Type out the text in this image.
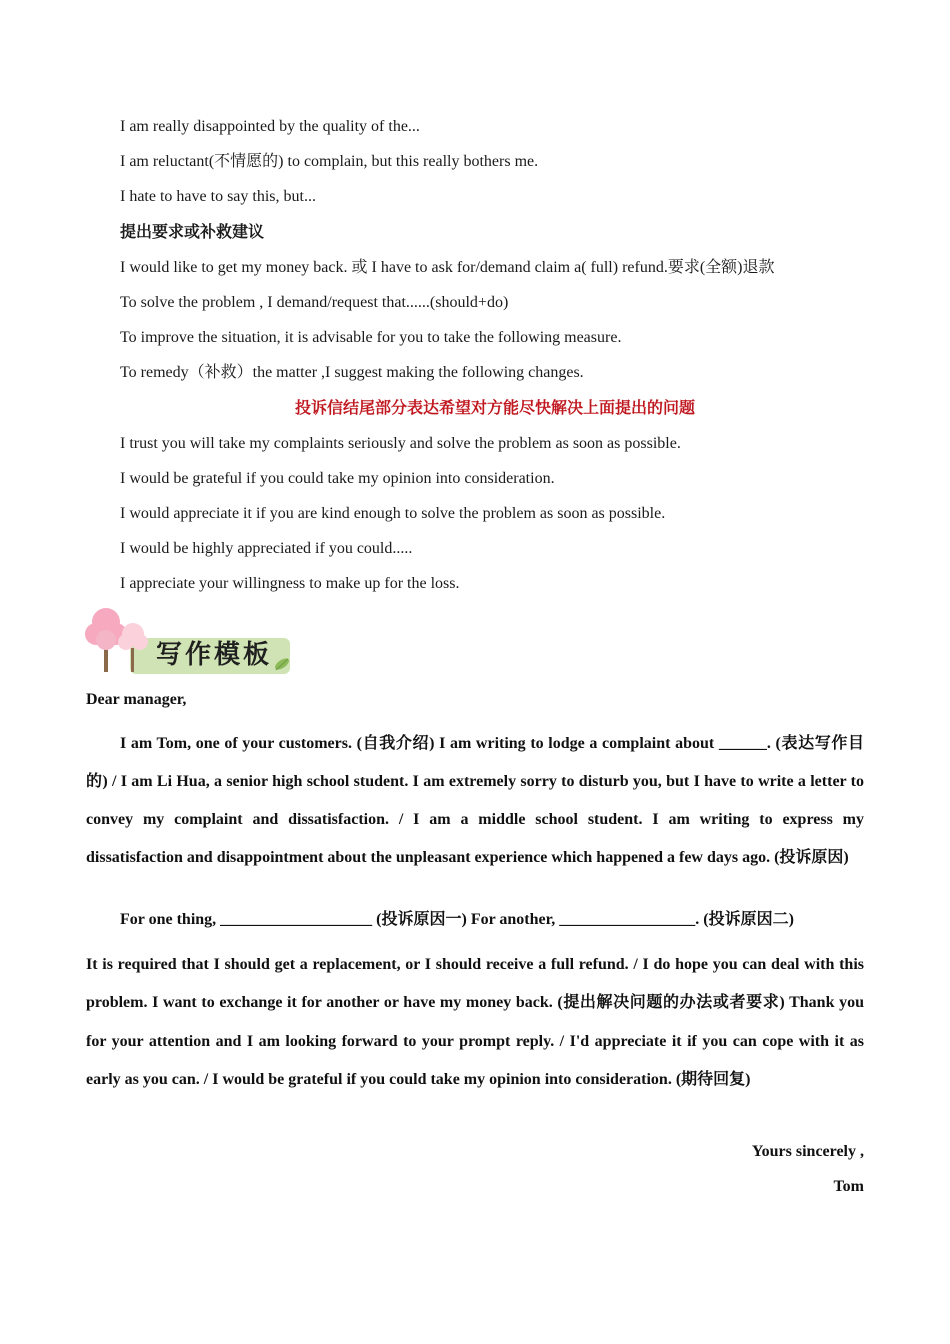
I am really disappointed by the quality of the...
I am reluctant(不情愿的) to complain, but this really bothers me.
I hate to have to say this, but...
提出要求或补救建议
I would like to get my money back. 或 I have to ask for/demand claim a( full) refund.要求(全额)退款
To solve the problem , I demand/request that......(should+do)
To improve the situation, it is advisable for you to take the following measure.
To remedy（补救）the matter ,I suggest making the following changes.
投诉信结尾部分表达希望对方能尽快解决上面提出的问题
I trust you will take my complaints seriously and solve the problem as soon as possible.
I would be grateful if you could take my opinion into consideration.
I would appreciate it if you are kind enough to solve the problem as soon as possible.
I would be highly appreciated if you could.....
I appreciate your willingness to make up for the loss.
写作模板
Dear manager,

I am Tom, one of your customers. (自我介绍) I am writing to lodge a complaint about ______. (表达写作目的) / I am Li Hua, a senior high school student. I am extremely sorry to disturb you, but I have to write a letter to convey my complaint and dissatisfaction. / I am a middle school student. I am writing to express my dissatisfaction and disappointment about the unpleasant experience which happened a few days ago. (投诉原因)

For one thing, ___________________ (投诉原因一) For another, _________________. (投诉原因二)

It is required that I should get a replacement, or I should receive a full refund. / I do hope you can deal with this problem. I want to exchange it for another or have my money back. (提出解决问题的办法或者要求) Thank you for your attention and I am looking forward to your prompt reply. / I'd appreciate it if you can cope with it as early as you can. / I would be grateful if you could take my opinion into consideration. (期待回复)

Yours sincerely ,

Tom
